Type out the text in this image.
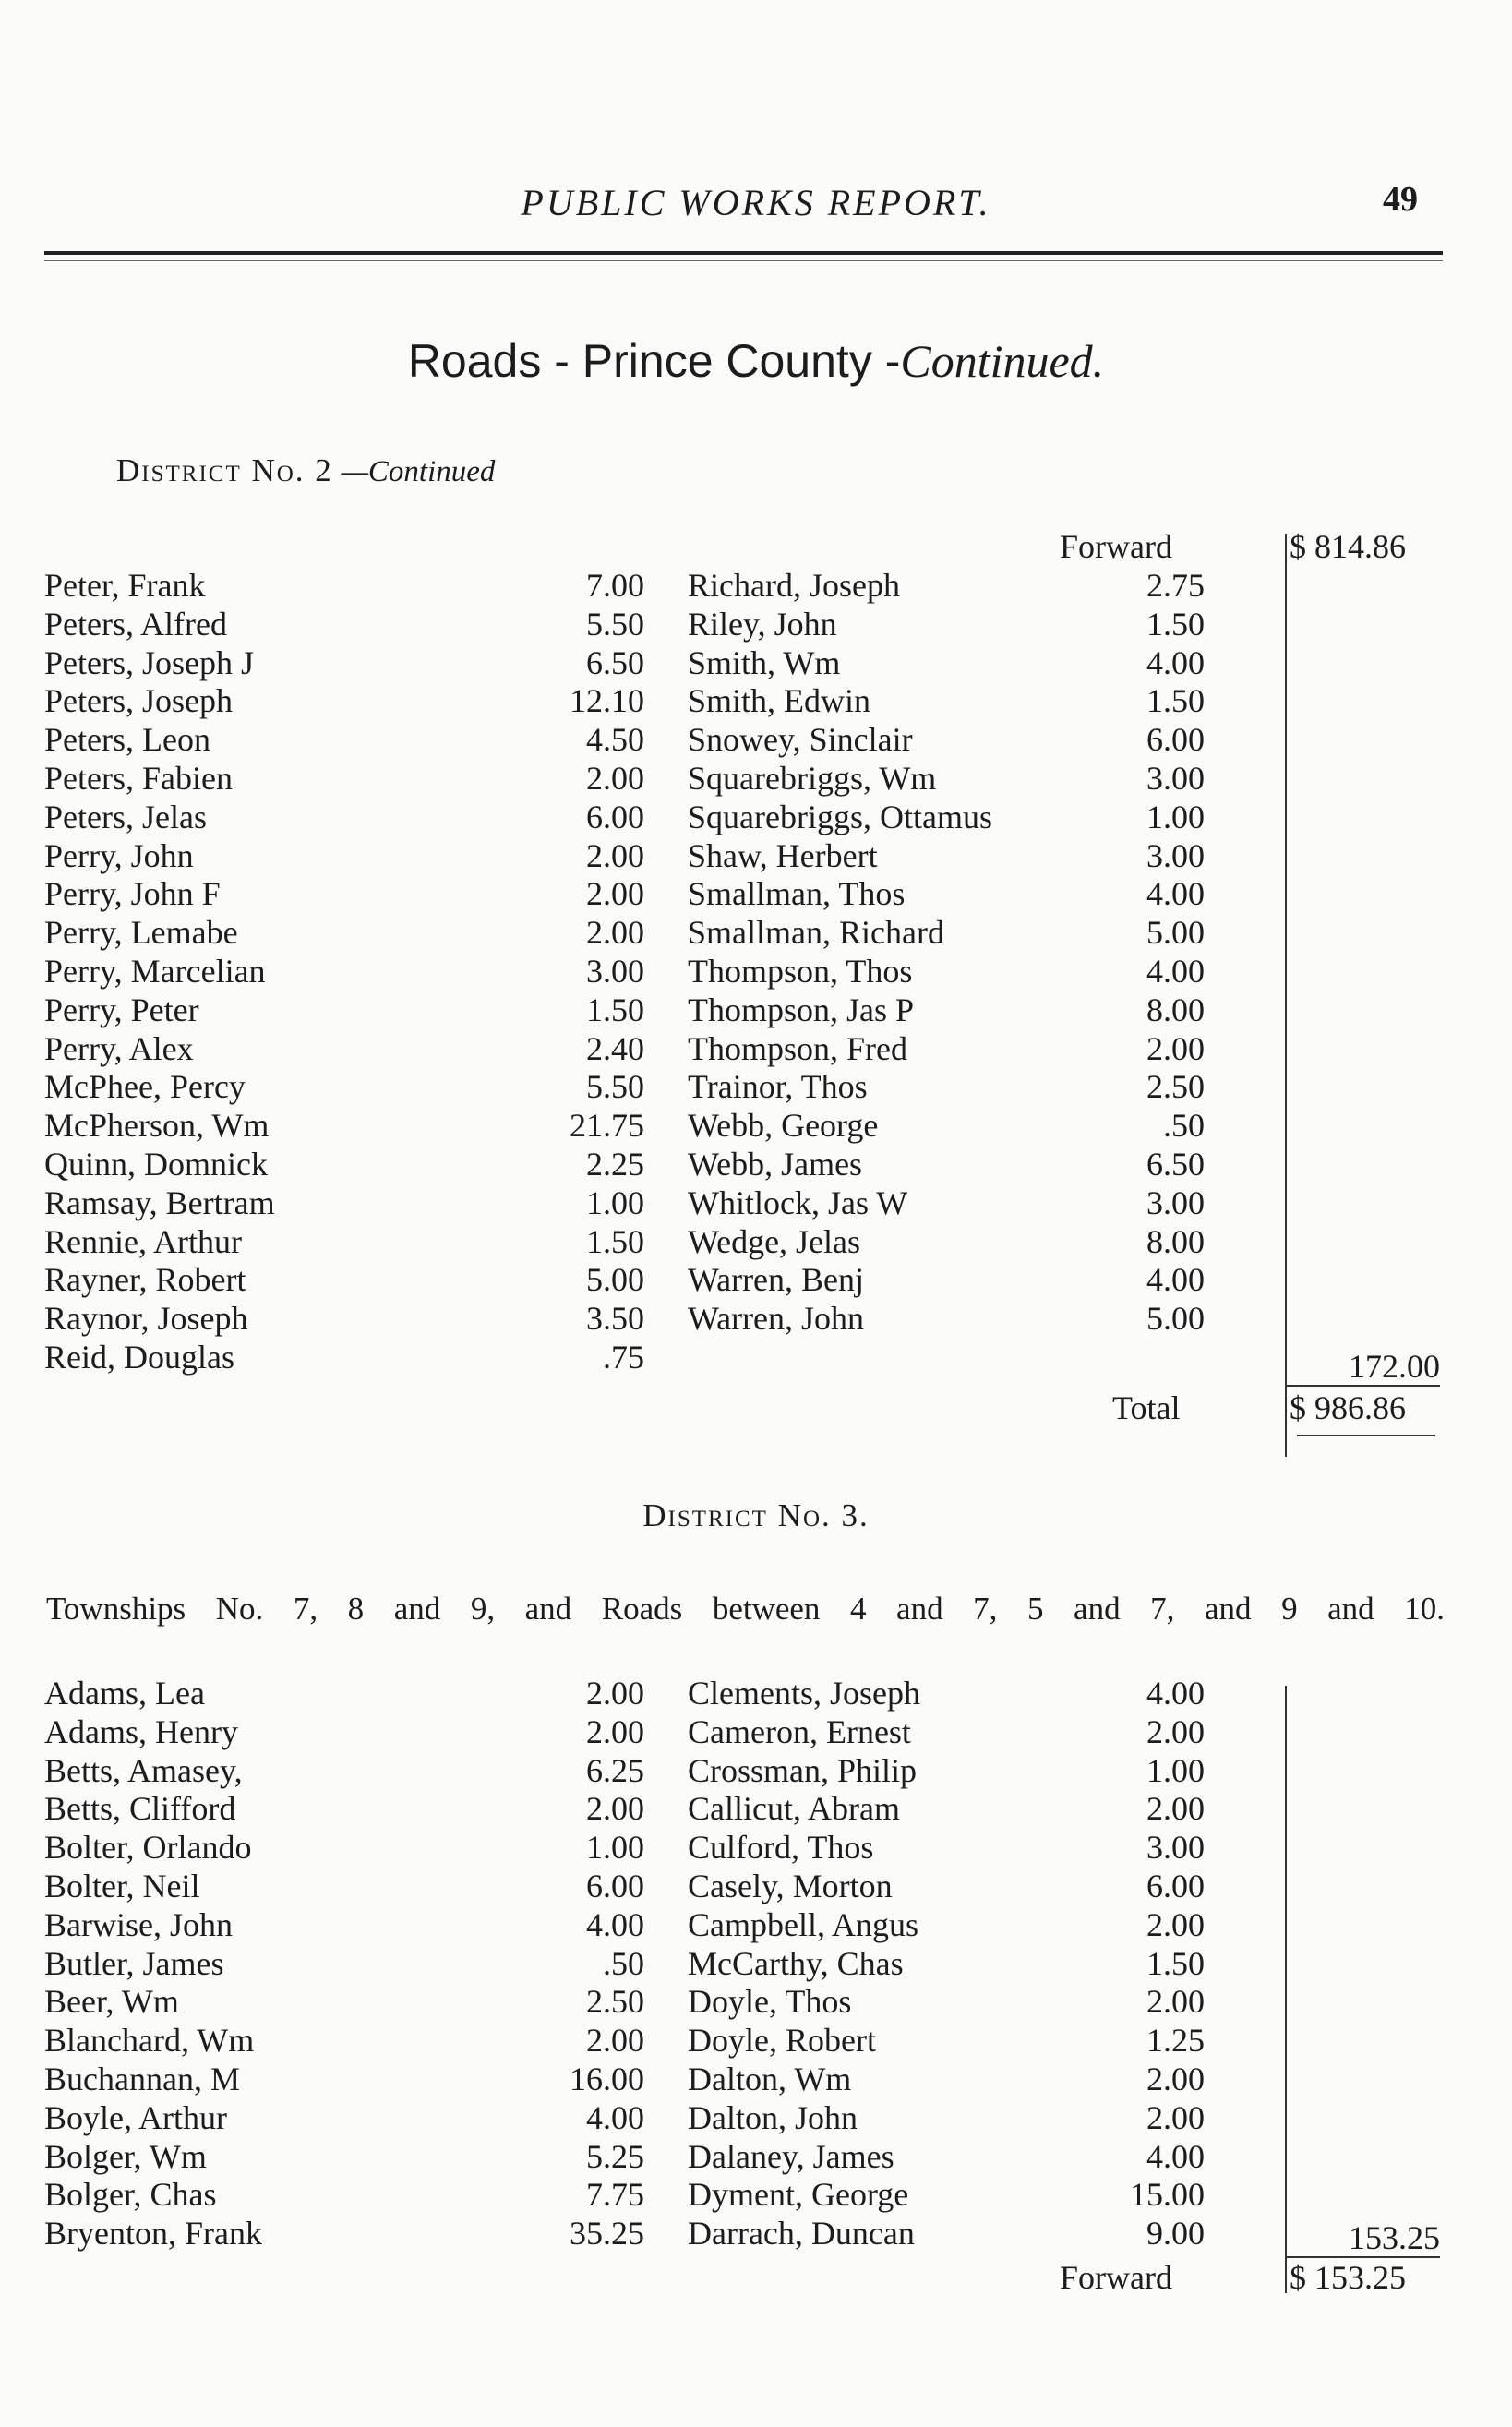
PUBLIC WORKS REPORT.	49
Roads - Prince County -Continued.
District No. 2 —Continued
Forward	$ 814.86
Peter, Frank	7.00
Peters, Alfred	5.50
Peters, Joseph J	6.50
Peters, Joseph	12.10
Peters, Leon	4.50
Peters, Fabien	2.00
Peters, Jelas	6.00
Perry, John	2.00
Perry, John F	2.00
Perry, Lemabe	2.00
Perry, Marcelian	3.00
Perry, Peter	1.50
Perry, Alex	2.40
McPhee, Percy	5.50
McPherson, Wm	21.75
Quinn, Domnick	2.25
Ramsay, Bertram	1.00
Rennie, Arthur	1.50
Rayner, Robert	5.00
Raynor, Joseph	3.50
Reid, Douglas	.75
Richard, Joseph	2.75
Riley, John	1.50
Smith, Wm	4.00
Smith, Edwin	1.50
Snowey, Sinclair	6.00
Squarebriggs, Wm	3.00
Squarebriggs, Ottamus	1.00
Shaw, Herbert	3.00
Smallman, Thos	4.00
Smallman, Richard	5.00
Thompson, Thos	4.00
Thompson, Jas P	8.00
Thompson, Fred	2.00
Trainor, Thos	2.50
Webb, George	.50
Webb, James	6.50
Whitlock, Jas W	3.00
Wedge, Jelas	8.00
Warren, Benj	4.00
Warren, John	5.00
172.00
Total	$ 986.86
District No. 3.
Townships No. 7, 8 and 9, and Roads between 4 and 7, 5 and 7, and 9 and 10.
Adams, Lea	2.00
Adams, Henry	2.00
Betts, Amasey,	6.25
Betts, Clifford	2.00
Bolter, Orlando	1.00
Bolter, Neil	6.00
Barwise, John	4.00
Butler, James	.50
Beer, Wm	2.50
Blanchard, Wm	2.00
Buchannan, M	16.00
Boyle, Arthur	4.00
Bolger, Wm	5.25
Bolger, Chas	7.75
Bryenton, Frank	35.25
Clements, Joseph	4.00
Cameron, Ernest	2.00
Crossman, Philip	1.00
Callicut, Abram	2.00
Culford, Thos	3.00
Casely, Morton	6.00
Campbell, Angus	2.00
McCarthy, Chas	1.50
Doyle, Thos	2.00
Doyle, Robert	1.25
Dalton, Wm	2.00
Dalton, John	2.00
Dalaney, James	4.00
Dyment, George	15.00
Darrach, Duncan	9.00	153.25
Forward	$ 153.25
